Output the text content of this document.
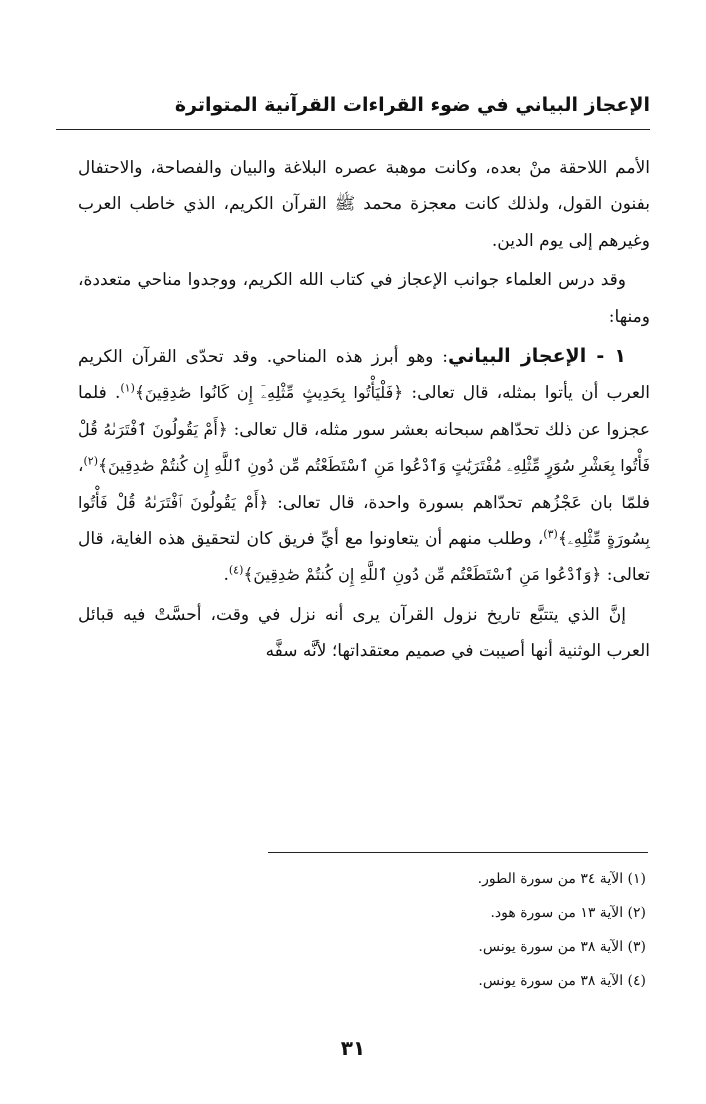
الإعجاز البياني في ضوء القراءات القرآنية المتواترة

الأمم اللاحقة منْ بعده، وكانت موهبة عصره البلاغة والبيان والفصاحة، والاحتفال بفنون القول، ولذلك كانت معجزة محمد ﷺ القرآن الكريم، الذي خاطب العرب وغيرهم إلى يوم الدين.

وقد درس العلماء جوانب الإعجاز في كتاب الله الكريم، ووجدوا مناحي متعددة، ومنها:

١ - الإعجاز البياني: وهو أبرز هذه المناحي. وقد تحدّى القرآن الكريم العرب أن يأتوا بمثله، قال تعالى: ﴿فَلْيَأْتُوا بِحَدِيثٍ مِّثْلِهِۦٓ إِن كَانُوا صَٰدِقِينَ﴾$^{(١)}$. فلما عجزوا عن ذلك تحدّاهم سبحانه بعشر سور مثله، قال تعالى: ﴿أَمْ يَقُولُونَ ٱفْتَرَىٰهُ قُلْ فَأْتُوا بِعَشْرِ سُوَرٍ مِّثْلِهِۦ مُفْتَرَيَٰتٍ وَٱدْعُوا مَنِ ٱسْتَطَعْتُم مِّن دُونِ ٱللَّهِ إِن كُنتُمْ صَٰدِقِينَ﴾$^{(٢)}$، فلمّا بان عَجْزُهم تحدّاهم بسورة واحدة، قال تعالى: ﴿أَمْ يَقُولُونَ ٱفْتَرَىٰهُ قُلْ فَأْتُوا بِسُورَةٍ مِّثْلِهِۦ﴾$^{(٣)}$، وطلب منهم أن يتعاونوا مع أيِّ فريق كان لتحقيق هذه الغاية، قال تعالى: ﴿وَٱدْعُوا مَنِ ٱسْتَطَعْتُم مِّن دُونِ ٱللَّهِ إِن كُنتُمْ صَٰدِقِينَ﴾$^{(٤)}$.

إنَّ الذي يتتبَّع تاريخ نزول القرآن يرى أنه نزل في وقت، أحسَّتْ فيه قبائل العرب الوثنية أنها أصيبت في صميم معتقداتها؛ لأنَّه سفَّه

(١) الآية ٣٤ من سورة الطور.
(٢) الآية ١٣ من سورة هود.
(٣) الآية ٣٨ من سورة يونس.
(٤) الآية ٣٨ من سورة يونس.
٣١
